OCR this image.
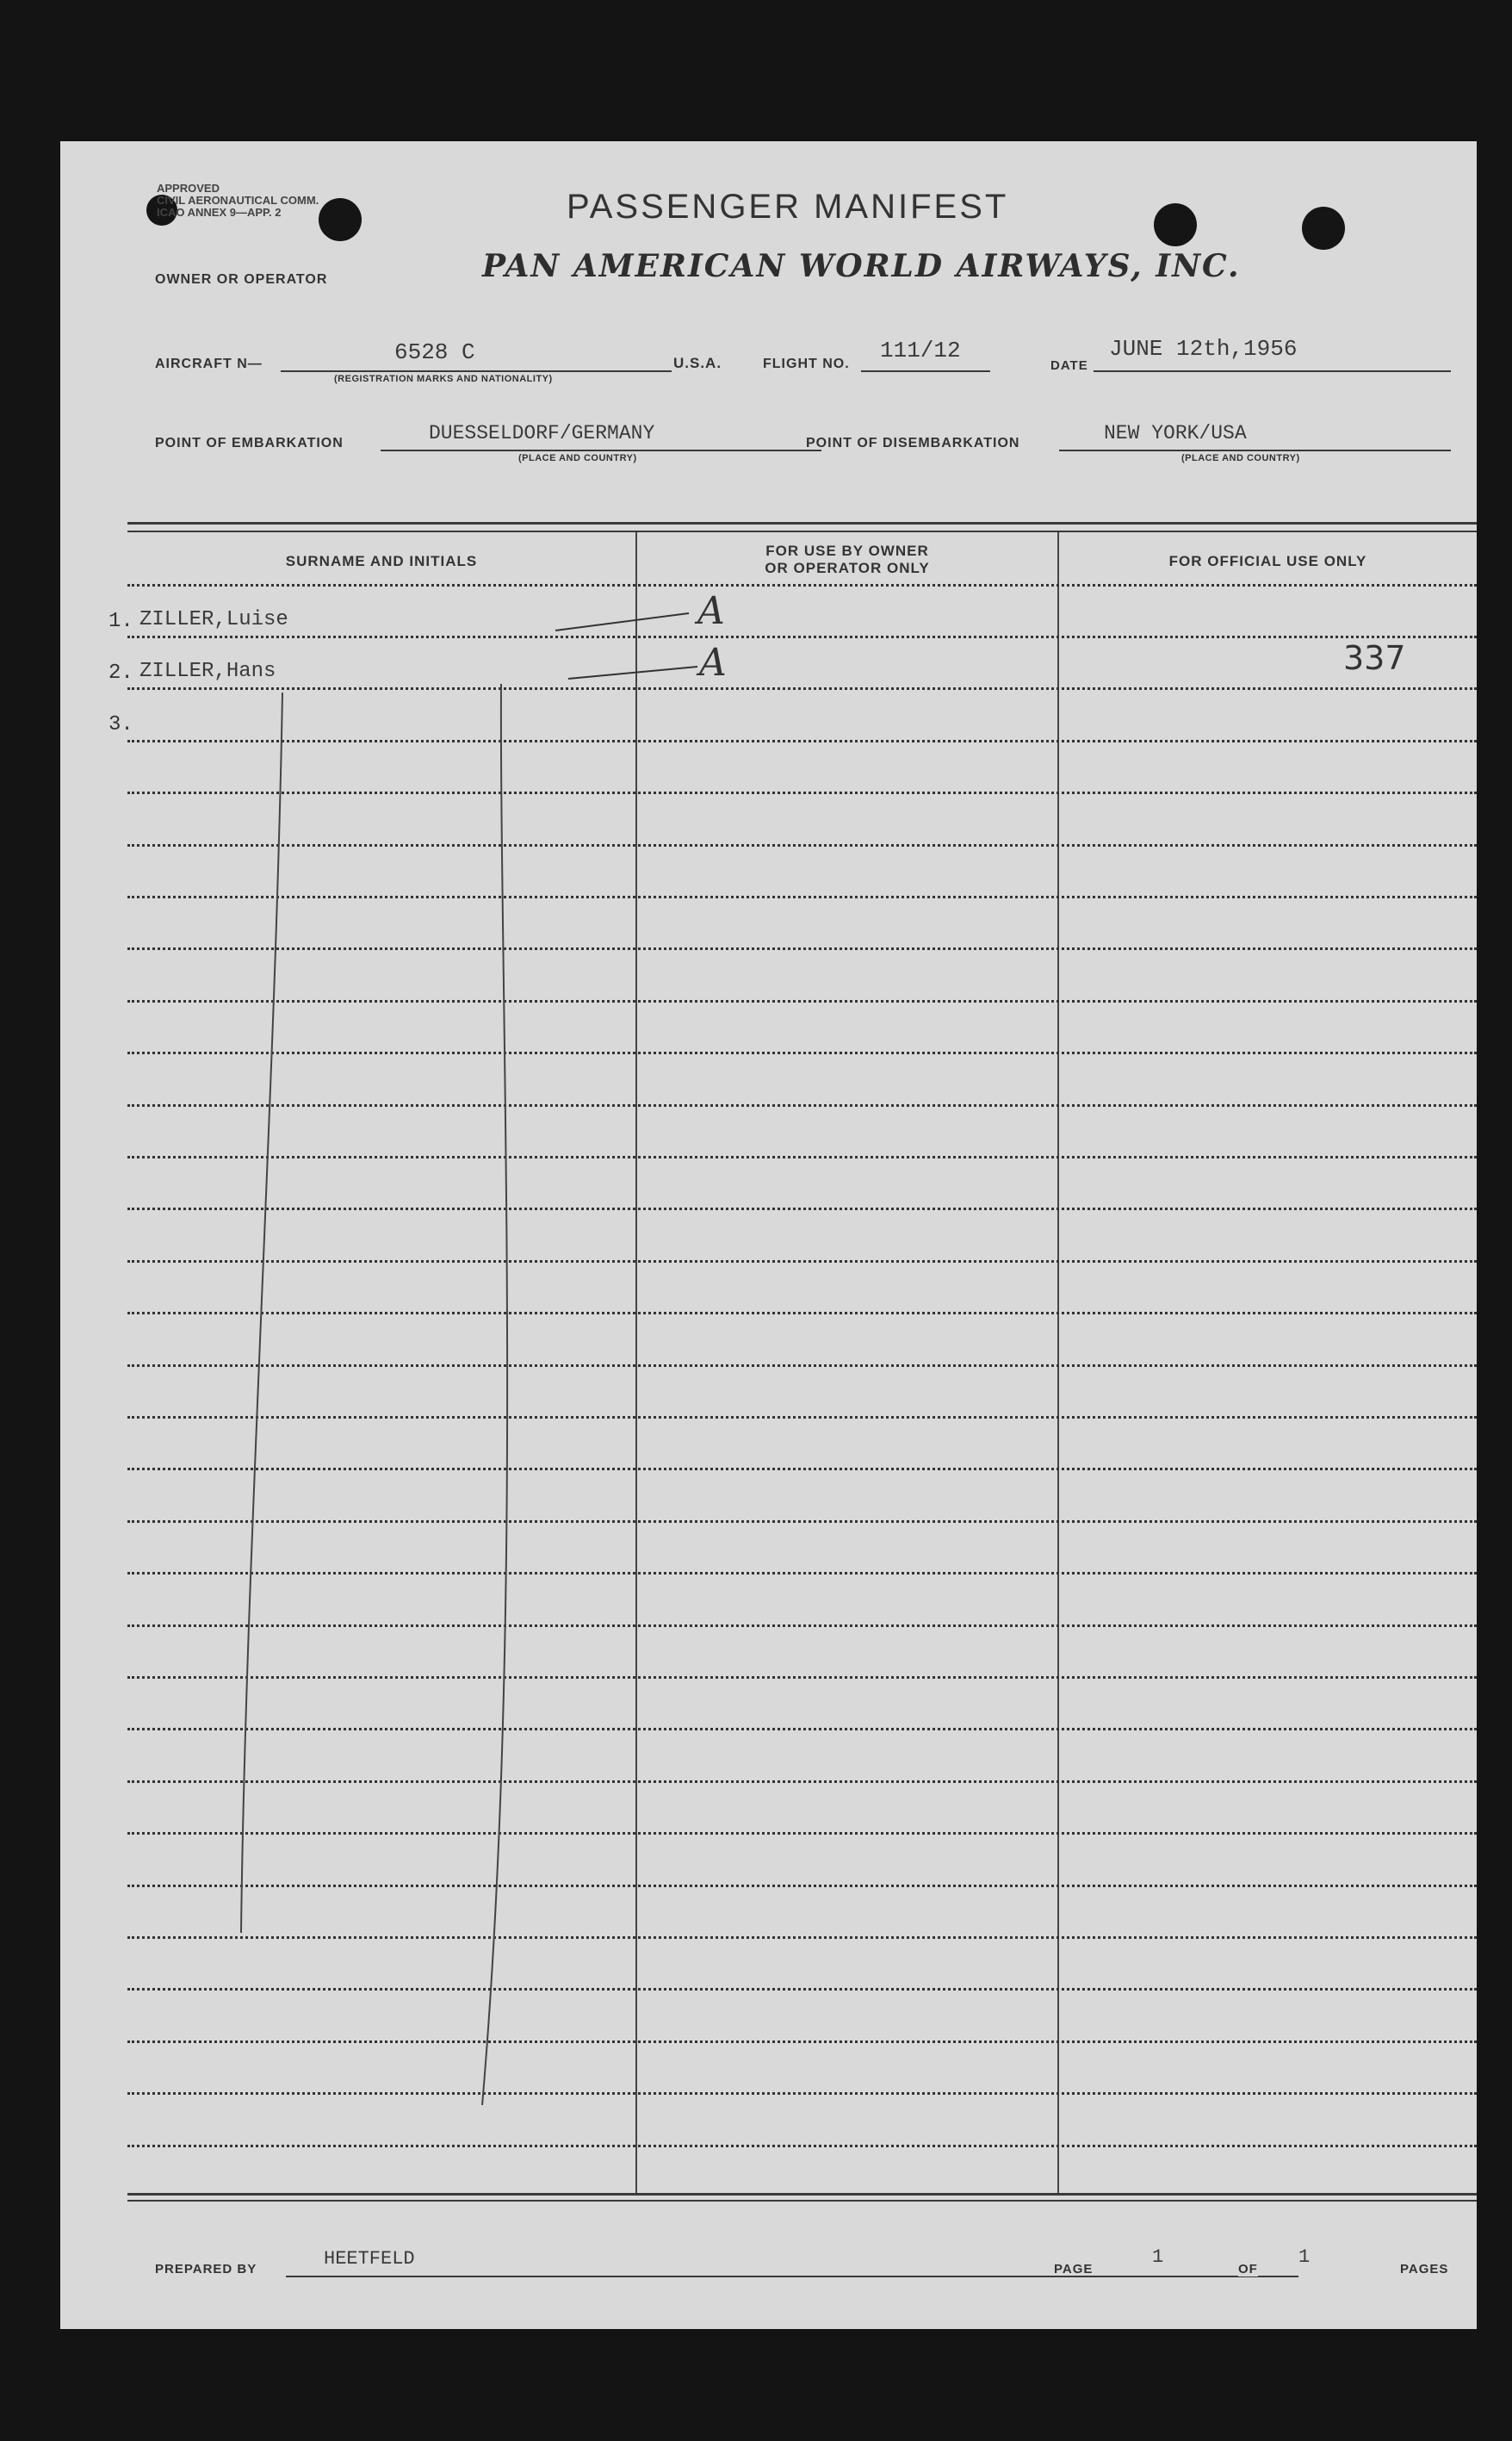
APPROVED
CIVIL AERONAUTICAL COMM.
ICAO ANNEX 9—APP. 2	PASSENGER MANIFEST
OWNER OR OPERATOR	PAN AMERICAN WORLD AIRWAYS, INC.
AIRCRAFT N—	6528 C
(REGISTRATION MARKS AND NATIONALITY)
U.S.A.	FLIGHT NO.
111/12
DATE
JUNE 12th,1956
POINT OF EMBARKATION	DUESSELDORF/GERMANY
(PLACE AND COUNTRY)
POINT OF DISEMBARKATION	NEW YORK/USA
(PLACE AND COUNTRY)
SURNAME AND INITIALS
FOR USE BY OWNER
OR OPERATOR ONLY	FOR OFFICIAL USE ONLY
1. ZILLER,Luise	A
2. ZILLER,Hans	A	337
3.
PREPARED BY	HEETFELD	PAGE
1
OF
1
PAGES
